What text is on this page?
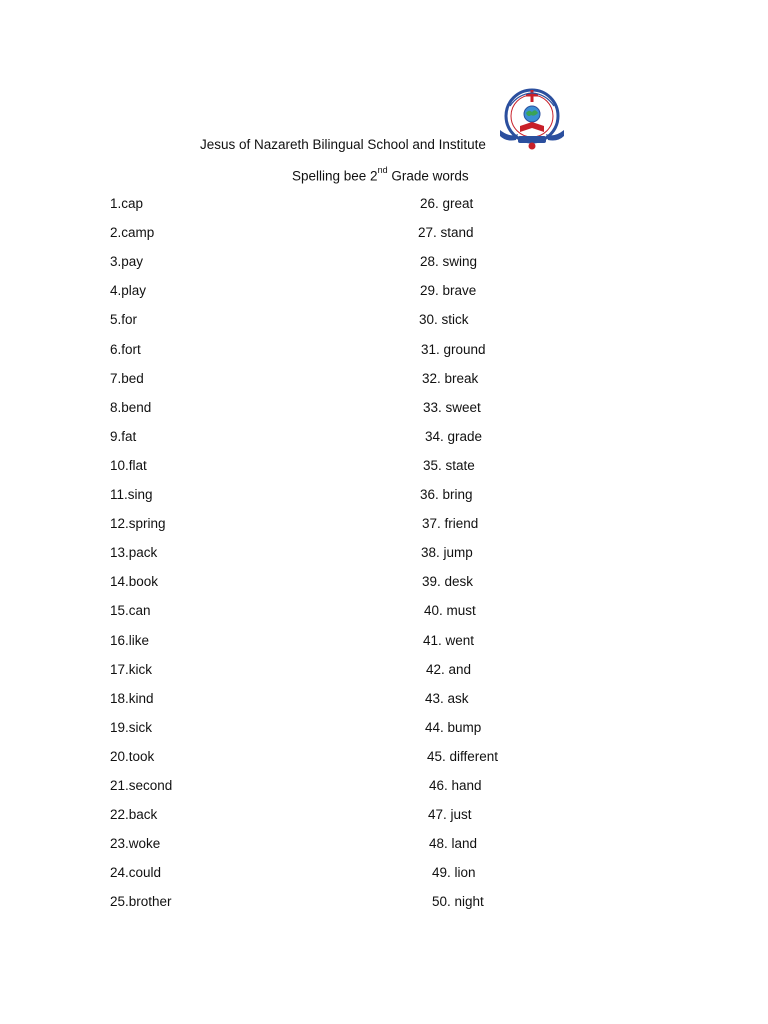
Jesus of Nazareth Bilingual School and Institute
Spelling bee 2nd Grade words
1.cap
2.camp
3.pay
4.play
5.for
6.fort
7.bed
8.bend
9.fat
10.flat
11.sing
12.spring
13.pack
14.book
15.can
16.like
17.kick
18.kind
19.sick
20.took
21.second
22.back
23.woke
24.could
25.brother
26. great
27. stand
28. swing
29. brave
30. stick
31. ground
32. break
33. sweet
34. grade
35. state
36. bring
37. friend
38. jump
39. desk
40. must
41. went
42. and
43. ask
44. bump
45. different
46. hand
47. just
48. land
49. lion
50. night
